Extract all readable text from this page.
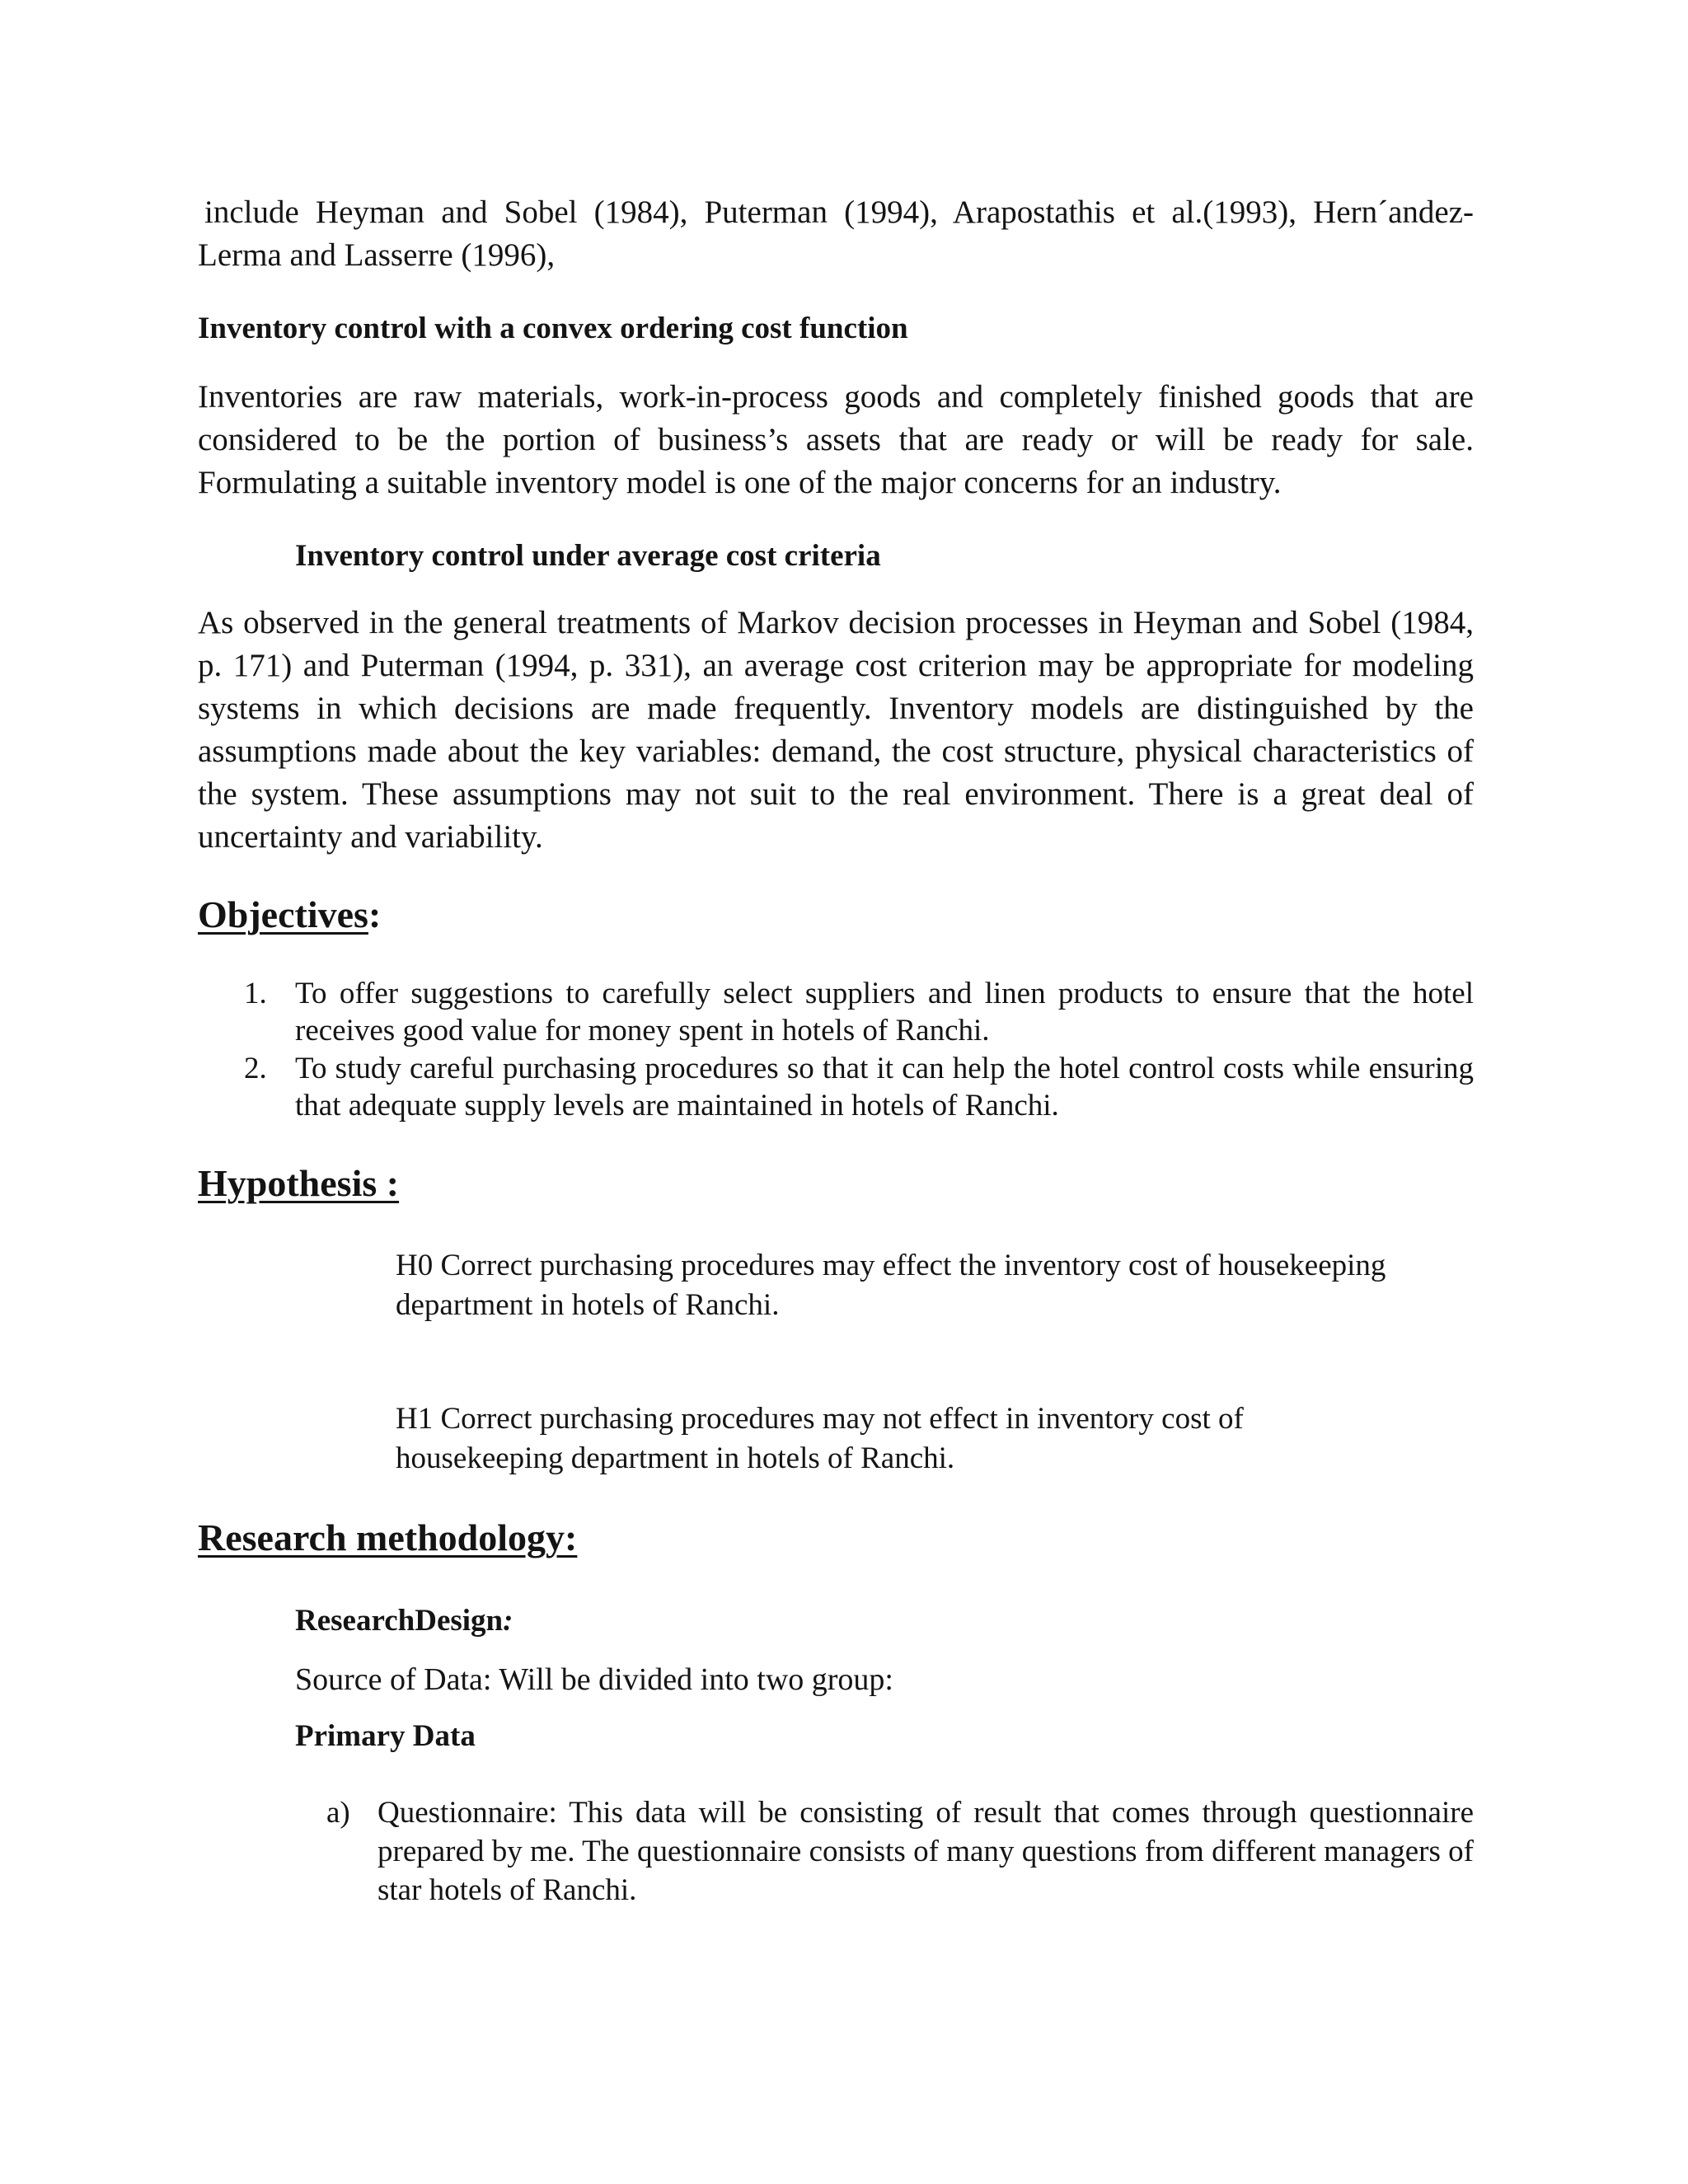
include Heyman and Sobel (1984), Puterman (1994), Arapostathis et al.(1993), Hern´andez-

Lerma and Lasserre (1996),

Inventory control with a convex ordering cost function

Inventories are raw materials, work-in-process goods and completely finished goods that are considered to be the portion of business’s assets that are ready or will be ready for sale. Formulating a suitable inventory model is one of the major concerns for an industry.

Inventory control under average cost criteria

As observed in the general treatments of Markov decision processes in Heyman and Sobel (1984, p. 171) and Puterman (1994, p. 331), an average cost criterion may be appropriate for modeling systems in which decisions are made frequently. Inventory models are distinguished by the assumptions made about the key variables: demand, the cost structure, physical characteristics of the system. These assumptions may not suit to the real environment. There is a great deal of uncertainty and variability.

Objectives:
1. To offer suggestions to carefully select suppliers and linen products to ensure that the hotel receives good value for money spent in hotels of Ranchi.
2. To study careful purchasing procedures so that it can help the hotel control costs while ensuring that adequate supply levels are maintained in hotels of Ranchi.

Hypothesis :

H0 Correct purchasing procedures may effect the inventory cost of housekeeping department in hotels of Ranchi.

H1 Correct purchasing procedures may not effect in inventory cost of housekeeping department in hotels of Ranchi.

Research methodology:

ResearchDesign:

Source of Data: Will be divided into two group:

Primary Data

a) Questionnaire: This data will be consisting of result that comes through questionnaire prepared by me. The questionnaire consists of many questions from different managers of star hotels of Ranchi.
